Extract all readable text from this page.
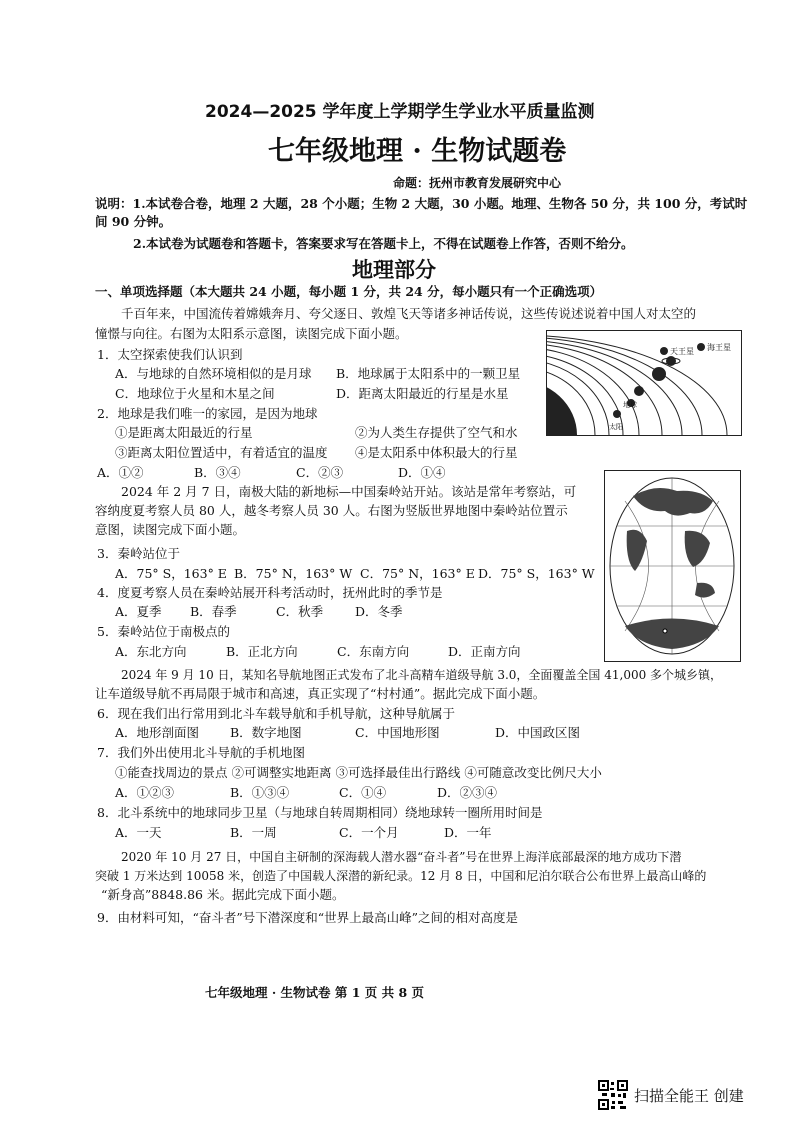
2024—2025 学年度上学期学生学业水平质量监测
七年级地理 · 生物试题卷
命题：抚州市教育发展研究中心
说明：1.本试卷合卷，地理 2 大题，28 个小题；生物 2 大题，30 小题。地理、生物各 50 分，共 100 分，考试时
间 90 分钟。
2.本试卷为试题卷和答题卡，答案要求写在答题卡上，不得在试题卷上作答，否则不给分。
地理部分
一、单项选择题（本大题共 24 小题，每小题 1 分，共 24 分，每小题只有一个正确选项）
千百年来，中国流传着嫦娥奔月、夸父逐日、敦煌飞天等诸多神话传说，这些传说述说着中国人对太空的
憧憬与向往。右图为太阳系示意图，读图完成下面小题。
天王星 海王星
地球
太阳
1．太空探索使我们认识到
A．与地球的自然环境相似的是月球 B．地球属于太阳系中的一颗卫星
C．地球位于火星和木星之间	D．距离太阳最近的行星是水星
2．地球是我们唯一的家园，是因为地球
①是距离太阳最近的行星	②为人类生存提供了空气和水
③距离太阳位置适中，有着适宜的温度 ④是太阳系中体积最大的行星
A．①②	B．③④	C．②③	D．①④
2024 年 2 月 7 日，南极大陆的新地标—中国秦岭站开站。该站是常年考察站，可
容纳度夏考察人员 80 人，越冬考察人员 30 人。右图为竖版世界地图中秦岭站位置示
意图，读图完成下面小题。
3．秦岭站位于
A．75° S，163° E B．75° N，163° W C．75° N，163° E D．75° S，163° W
4．度夏考察人员在秦岭站展开科考活动时，抚州此时的季节是
A．夏季 B．春季	C．秋季	D．冬季
5．秦岭站位于南极点的
A．东北方向	B．正北方向	C．东南方向	D．正南方向
2024 年 9 月 10 日，某知名导航地图正式发布了北斗高精车道级导航 3.0，全面覆盖全国 41,000 多个城乡镇，
让车道级导航不再局限于城市和高速，真正实现了“村村通”。据此完成下面小题。
6．现在我们出行常用到北斗车载导航和手机导航，这种导航属于
A．地形剖面图 B．数字地图	C．中国地形图	D．中国政区图
7．我们外出使用北斗导航的手机地图
①能查找周边的景点 ②可调整实地距离 ③可选择最佳出行路线 ④可随意改变比例尺大小
A．①②③	B．①③④	C．①④	D．②③④
8．北斗系统中的地球同步卫星（与地球自转周期相同）绕地球转一圈所用时间是
A．一天	B．一周	C．一个月	D．一年
2020 年 10 月 27 日，中国自主研制的深海载人潜水器“奋斗者”号在世界上海洋底部最深的地方成功下潜
突破 1 万米达到 10058 米，创造了中国载人深潜的新纪录。12 月 8 日，中国和尼泊尔联合公布世界上最高山峰的
“新身高”8848.86 米。据此完成下面小题。
9．由材料可知，“奋斗者”号下潜深度和“世界上最高山峰”之间的相对高度是
七年级地理 · 生物试卷 第 1 页 共 8 页
扫描全能王 创建
